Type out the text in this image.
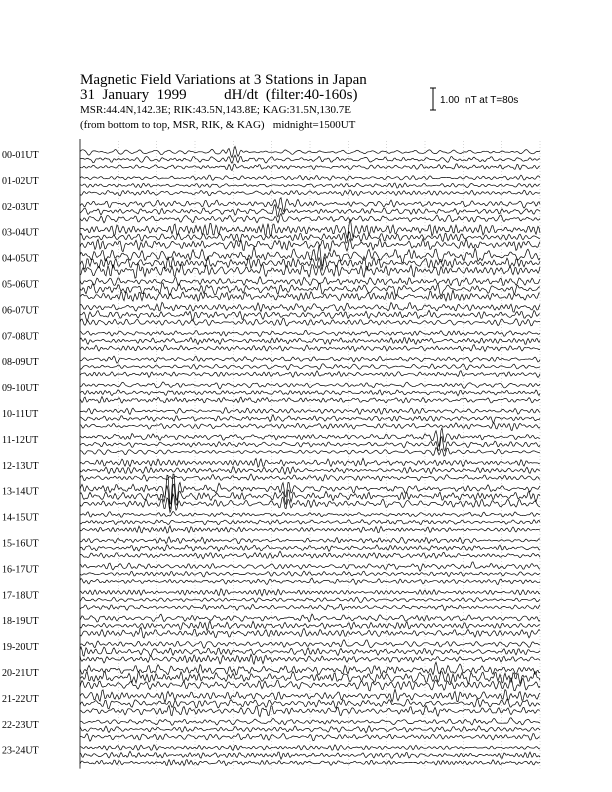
Magnetic Field Variations at 3 Stations in Japan
31  January  1999	dH/dt  (filter:40-160s)
MSR:44.4N,142.3E; RIK:43.5N,143.8E; KAG:31.5N,130.7E
(from bottom to top, MSR, RIK, & KAG)   midnight=1500UT
1.00  nT at T=80s
00-01UT
01-02UT
02-03UT
03-04UT
04-05UT
05-06UT
06-07UT
07-08UT
08-09UT
09-10UT
10-11UT
11-12UT
12-13UT
13-14UT
14-15UT
15-16UT
16-17UT
17-18UT
18-19UT
19-20UT
20-21UT
21-22UT
22-23UT
23-24UT
